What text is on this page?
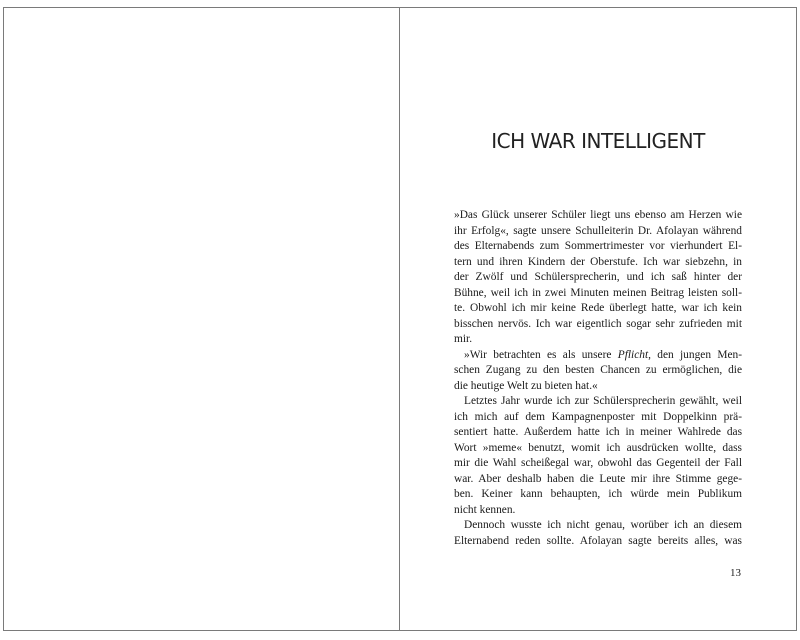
ICH WAR INTELLIGENT
»Das Glück unserer Schüler liegt uns ebenso am Herzen wie
ihr Erfolg«, sagte unsere Schulleiterin Dr. Afolayan während
des Elternabends zum Sommertrimester vor vierhundert El-
tern und ihren Kindern der Oberstufe. Ich war siebzehn, in
der Zwölf und Schülersprecherin, und ich saß hinter der
Bühne, weil ich in zwei Minuten meinen Beitrag leisten soll-
te. Obwohl ich mir keine Rede überlegt hatte, war ich kein
bisschen nervös. Ich war eigentlich sogar sehr zufrieden mit
mir.
»Wir betrachten es als unsere Pflicht, den jungen Men-
schen Zugang zu den besten Chancen zu ermöglichen, die
die heutige Welt zu bieten hat.«
Letztes Jahr wurde ich zur Schülersprecherin gewählt, weil
ich mich auf dem Kampagnenposter mit Doppelkinn prä-
sentiert hatte. Außerdem hatte ich in meiner Wahlrede das
Wort »meme« benutzt, womit ich ausdrücken wollte, dass
mir die Wahl scheißegal war, obwohl das Gegenteil der Fall
war. Aber deshalb haben die Leute mir ihre Stimme gege-
ben. Keiner kann behaupten, ich würde mein Publikum
nicht kennen.
Dennoch wusste ich nicht genau, worüber ich an diesem
Elternabend reden sollte. Afolayan sagte bereits alles, was
13
